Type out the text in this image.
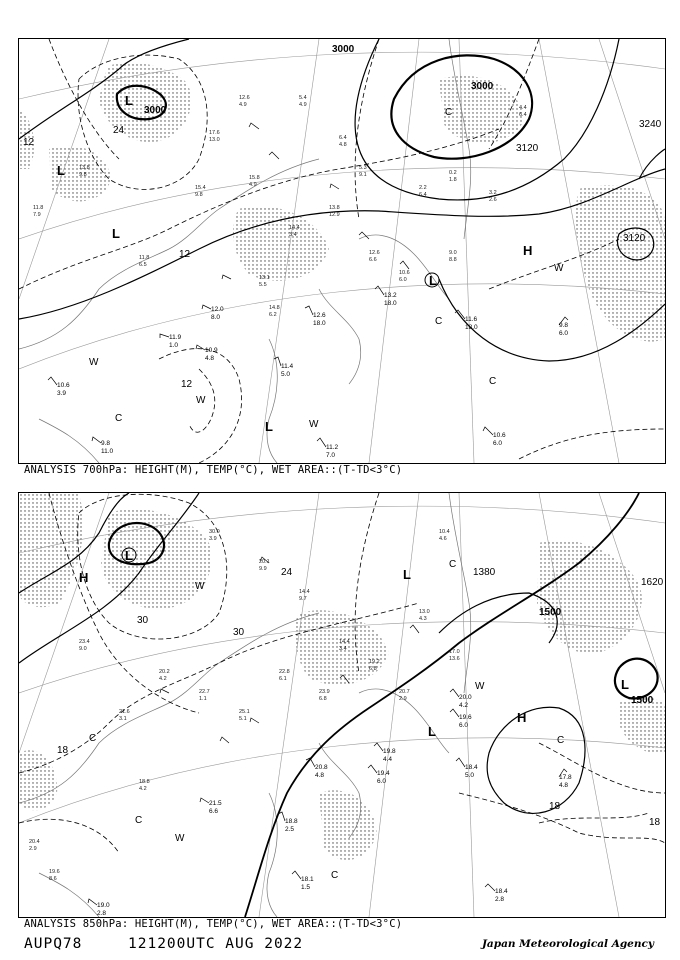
3000
3000
3000
3120
3120
3240
L
L
L
L
L
H
C
C
C
C
W
W
W
W
12
12
12
24
10.6
6.0
11.6
18.0	9.8
6.0
11.2
7.0
10.9
4.8
11.4
5.0
9.8
11.0
10.6
3.9
12.0
8.0
13.2
18.0
12.6
18.0
11.9
1.0
17.6
13.0
15.8
4.9
14.4
3.4
13.8
12.9
12.6
6.6
10.6
6.0
12.6
4.9
5.4
4.9
6.4
4.8
2.2
6.4
0.2
1.8
3.2
2.6
4.4
6.4
11.8
7.9
11.8
6.5
13.1
5.5
14.8
6.2
9.0
8.8
13.8
9.8
15.4
9.8
5.3
9.1
ANALYSIS 700hPa: HEIGHT(M), TEMP(°C), WET AREA::(T-TD<3°C)
1380
1500
1500
1620
L
L
L
L
H
H
C
C
C
C
C
W
W
W
18
18
18
30
30
24
18.4
2.8
18.4
5.0	17.8
4.8
19.4
6.0
19.8
4.4
20.8
4.8
21.5
6.6
20.0
4.2
19.6
6.0
18.8
2.5
19.0
2.8
18.1
1.5
30.0
3.9
20.1
9.9
14.4
9.7
14.4
3.4
19.2
6.8
13.0
4.3
17.0
13.6
20.2
4.2
22.7
1.1
25.1
5.1
22.8
6.1
23.9
6.8
20.7
2.9
23.4
9.0
21.6
3.1
10.4
4.6
20.4
2.9
19.6
8.6
18.8
4.2
ANALYSIS 850hPa: HEIGHT(M), TEMP(°C), WET AREA::(T-TD<3°C)
AUPQ78	121200UTC AUG 2022	Japan Meteorological Agency
